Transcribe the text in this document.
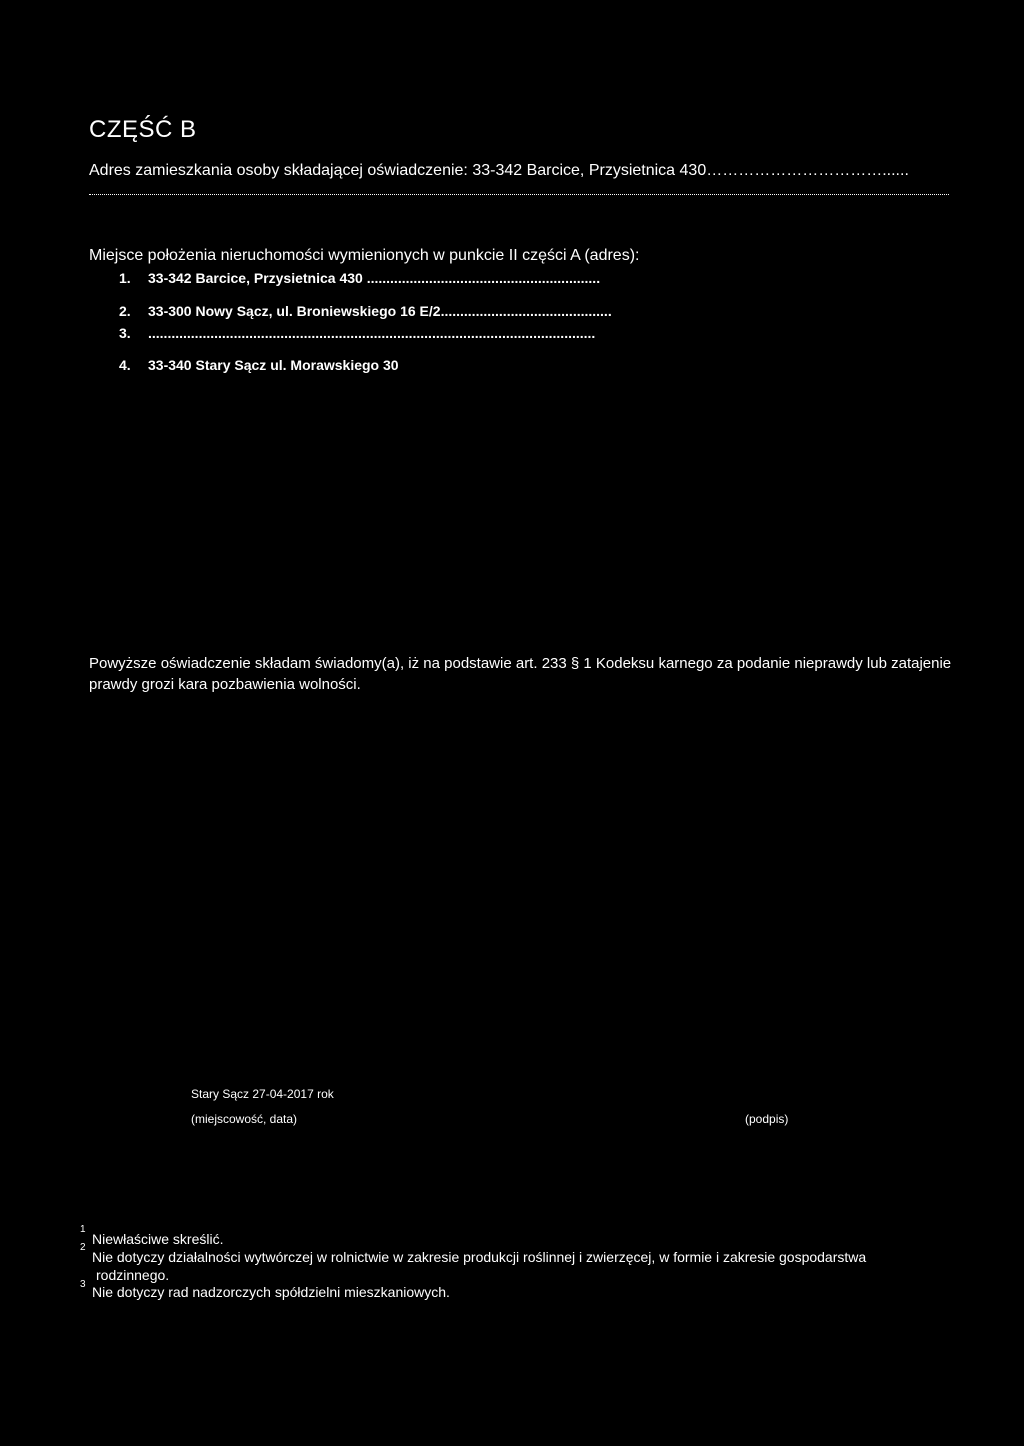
CZĘŚĆ B
Adres zamieszkania osoby składającej oświadczenie: 33-342 Barcice, Przysietnica 430……………………………......
Miejsce położenia nieruchomości wymienionych w punkcie II części A (adres):
1. 33-342 Barcice, Przysietnica 430 ............................................................
2. 33-300 Nowy Sącz, ul. Broniewskiego 16 E/2............................................
3. ...................................................................................................................
4. 33-340 Stary Sącz ul. Morawskiego 30
Powyższe oświadczenie składam świadomy(a), iż na podstawie art. 233 § 1 Kodeksu karnego za podanie nieprawdy lub zatajenie prawdy grozi kara pozbawienia wolności.
Stary Sącz 27-04-2017 rok
(miejscowość, data)	(podpis)
1
Niewłaściwe skreślić.
2
Nie dotyczy działalności wytwórczej w rolnictwie w zakresie produkcji roślinnej i zwierzęcej, w formie i zakresie gospodarstwa
rodzinnego.
3 Nie dotyczy rad nadzorczych spółdzielni mieszkaniowych.
